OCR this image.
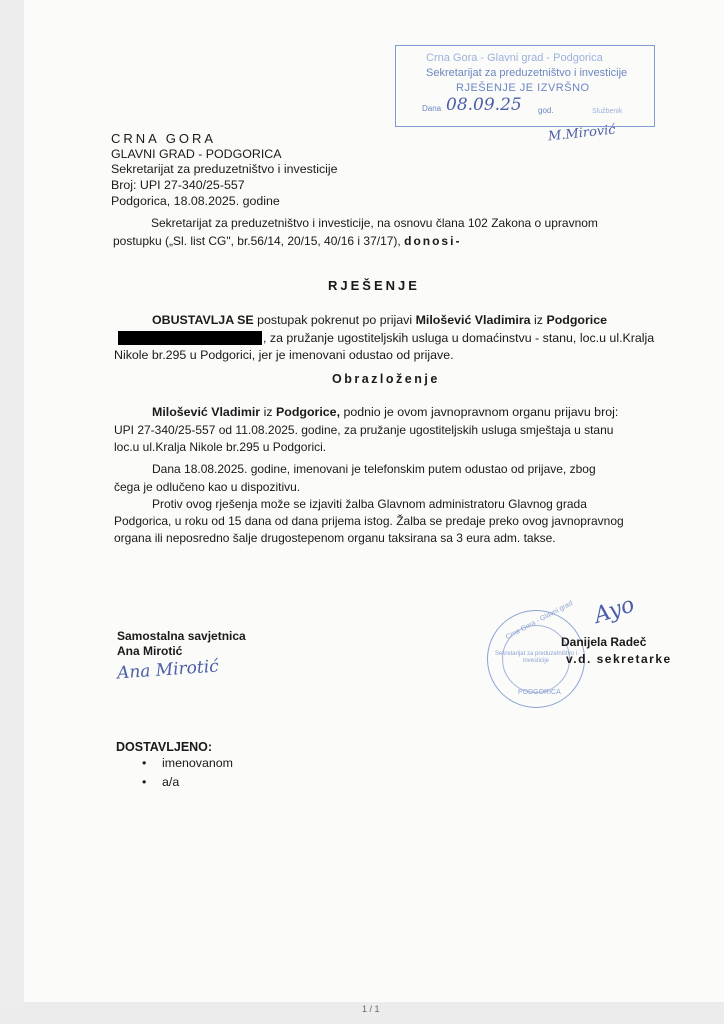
1 / 1
Crna Gora - Glavni grad - Podgorica
Sekretarijat za preduzetništvo i investicije
RJEŠENJE JE IZVRŠNO
Dana 08.09.25 god.	Službenik
M.Mirović
CRNA GORA
GLAVNI GRAD - PODGORICA
Sekretarijat za preduzetništvo i investicije
Broj: UPI 27-340/25-557
Podgorica, 18.08.2025. godine
Sekretarijat za preduzetništvo i investicije, na osnovu člana 102 Zakona o upravnom
postupku („Sl. list CG", br.56/14, 20/15, 40/16 i 37/17), donosi-
RJEŠENJE
OBUSTAVLJA SE postupak pokrenut po prijavi Milošević Vladimira iz Podgorice
, za pružanje ugostiteljskih usluga u domaćinstvu - stanu, loc.u ul.Kralja
Nikole br.295 u Podgorici, jer je imenovani odustao od prijave.
Obrazloženje
Milošević Vladimir iz Podgorice, podnio je ovom javnopravnom organu prijavu broj:
UPI 27-340/25-557 od 11.08.2025. godine, za pružanje ugostiteljskih usluga smještaja u stanu
loc.u ul.Kralja Nikole br.295 u Podgorici.
Dana 18.08.2025. godine, imenovani je telefonskim putem odustao od prijave, zbog
čega je odlučeno kao u dispozitivu.
Protiv ovog rješenja može se izjaviti žalba Glavnom administratoru Glavnog grada
Podgorica, u roku od 15 dana od dana prijema istog. Žalba se predaje preko ovog javnopravnog
organa ili neposredno šalje drugostepenom organu taksirana sa 3 eura adm. takse.
Samostalna savjetnica
Ana Mirotić
Ana Mirotić
Crna Gora - Glavni grad
Sekretarijat za preduzetništvo i investicije
PODGORICA
Ayo
Danijela Radeč
v.d. sekretarke
DOSTAVLJENO:
• imenovanom
• a/a
